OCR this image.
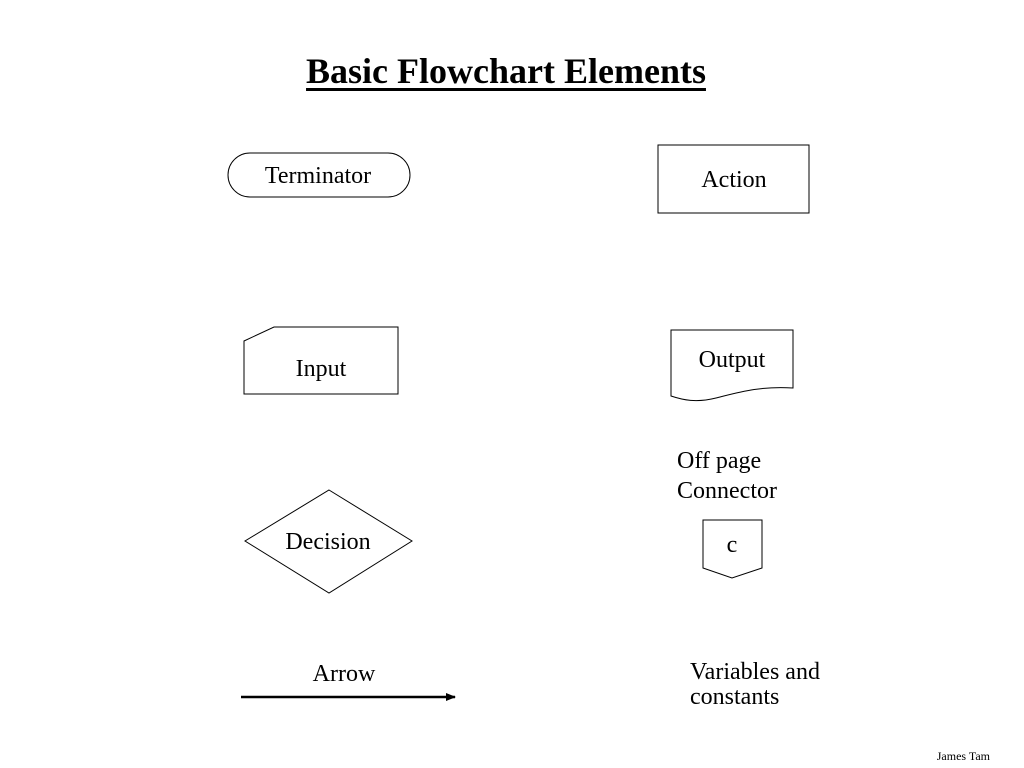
Basic Flowchart Elements
Terminator	Action
Input	Output
Decision	c
Arrow
Off page
Connector
Variables and
constants
James Tam
